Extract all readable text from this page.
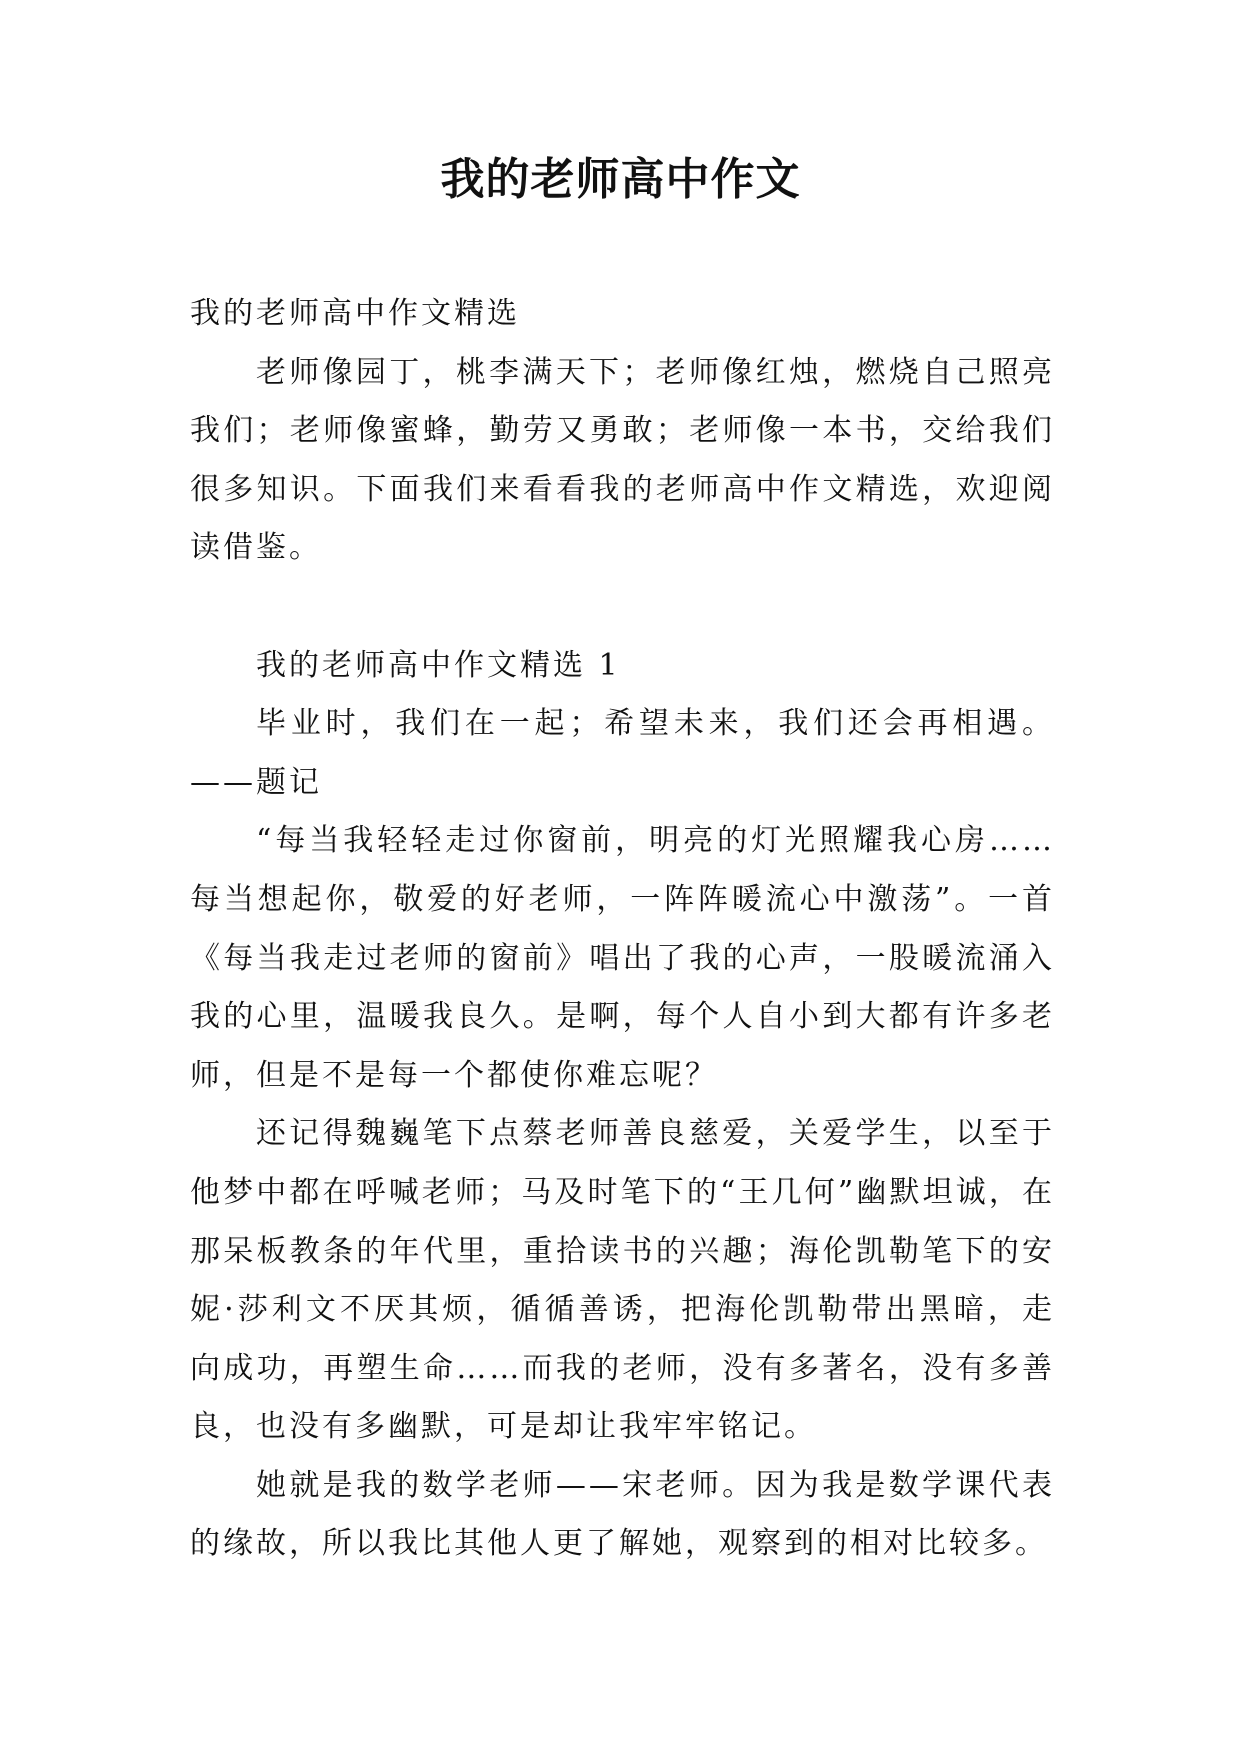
我的老师高中作文

我的老师高中作文精选

老师像园丁，桃李满天下；老师像红烛，燃烧自己照亮我们；老师像蜜蜂，勤劳又勇敢；老师像一本书，交给我们很多知识。下面我们来看看我的老师高中作文精选，欢迎阅读借鉴。

我的老师高中作文精选 1

毕业时，我们在一起；希望未来，我们还会再相遇。——题记

“每当我轻轻走过你窗前，明亮的灯光照耀我心房……每当想起你，敬爱的好老师，一阵阵暖流心中激荡”。一首《每当我走过老师的窗前》唱出了我的心声，一股暖流涌入我的心里，温暖我良久。是啊，每个人自小到大都有许多老师，但是不是每一个都使你难忘呢？

还记得魏巍笔下点蔡老师善良慈爱，关爱学生，以至于他梦中都在呼喊老师；马及时笔下的“王几何”幽默坦诚，在那呆板教条的年代里，重拾读书的兴趣；海伦凯勒笔下的安妮·莎利文不厌其烦，循循善诱，把海伦凯勒带出黑暗，走向成功，再塑生命……而我的老师，没有多著名，没有多善良，也没有多幽默，可是却让我牢牢铭记。

她就是我的数学老师——宋老师。因为我是数学课代表的缘故，所以我比其他人更了解她，观察到的相对比较多。
